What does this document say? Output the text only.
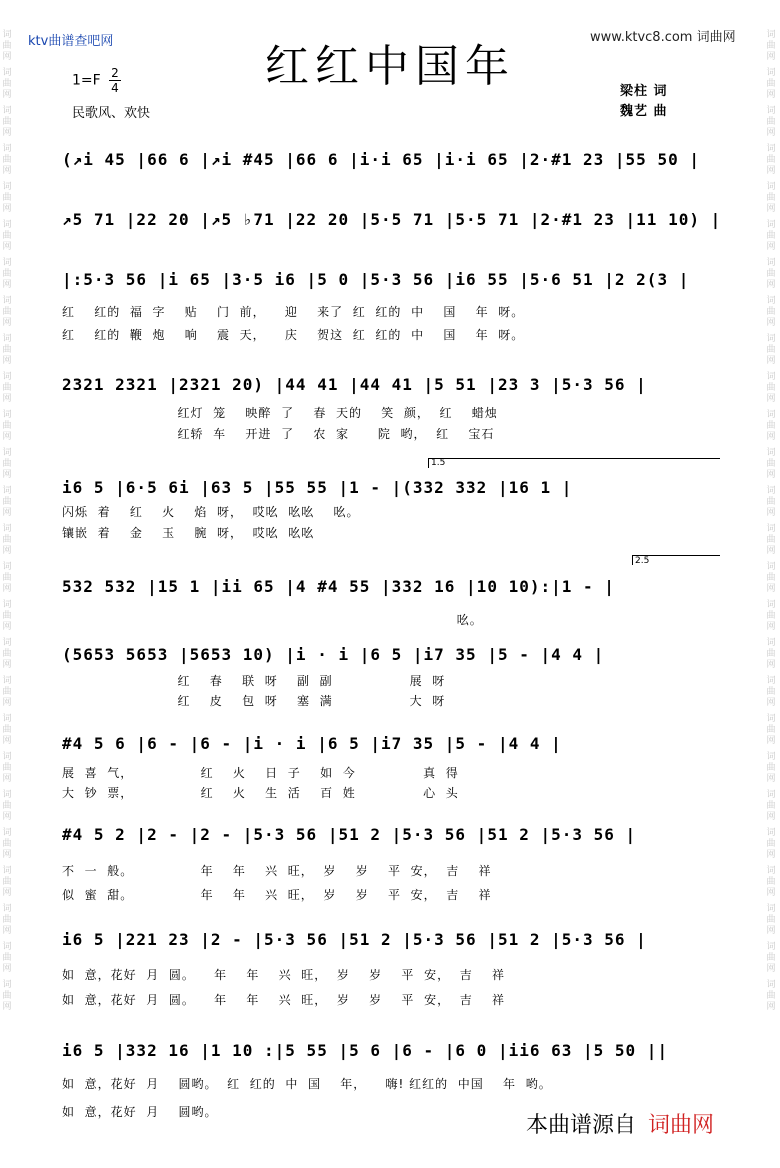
词
曲
网
词
曲
网
词
曲
网
词
曲
网
词
曲
网
词
曲
网
词
曲
网
词
曲
网
词
曲
网
词
曲
网
词
曲
网
词
曲
网
词
曲
网
词
曲
网
词
曲
网
词
曲
网
词
曲
网
词
曲
网
词
曲
网
词
曲
网
词
曲
网
词
曲
网
词
曲
网
词
曲
网
词
曲
网
词
曲
网
词
曲
网
词
曲
网
词
曲
网
词
曲
网
词
曲
网
词
曲
网
词
曲
网
词
曲
网
词
曲
网
词
曲
网
词
曲
网
词
曲
网
词
曲
网
词
曲
网
词
曲
网
词
曲
网
词
曲
网
词
曲
网
词
曲
网
词
曲
网
词
曲
网
词
曲
网
词
曲
网
词
曲
网
词
曲
网
词
曲
网
ktv曲谱查吧网	www.ktvc8.com 词曲网
红红中国年
$1=F \frac{2}{4}$
民歌风、欢快
梁柱 词
魏艺 曲
(↗i 45 |66 6 |↗i #45 |66 6 |i·i 65 |i·i 65 |2·#1 23 |55 50 |
↗5 71 |22 20 |↗5 ♭71 |22 20 |5·5 71 |5·5 71 |2·#1 23 |11 10) |
|:5·3 56 |i 65 |3·5 i6 |5 0 |5·3 56 |i6 55 |5·6 51 |2 2(3 |
红    红的  福  字    贴    门  前，    迎    来了  红  红的  中    国    年  呀。
红    红的  鞭  炮    响    震  天，    庆    贺这  红  红的  中    国    年  呀。
2321 2321 |2321 20) |44 41 |44 41 |5 51 |23 3 |5·3 56 |
红灯  笼    映醉  了    春  天的    笑  颜，  红    蜡烛
红轿  车    开进  了    农  家      院  哟，  红    宝石
1.5
i6 5 |6·5 6i |63 5 |55 55 |1 - |(332 332 |16 1 |
闪烁  着    红    火    焰  呀，  哎吆  吆吆    吆。
镶嵌  着    金    玉    腕  呀，  哎吆  吆吆
2.5
532 532 |15 1 |ii 65 |4 #4 55 |332 16 |10 10):|1 - |
吆。
(5653 5653 |5653 10) |i · i |6 5 |i7 35 |5 - |4 4 |
红    春    联  呀    副  副                展  呀
红    皮    包  呀    塞  满                大  呀
#4 5 6 |6 - |6 - |i · i |6 5 |i7 35 |5 - |4 4 |
展  喜  气，              红    火    日  子    如  今              真  得
大  钞  票，              红    火    生  活    百  姓              心  头
#4 5 2 |2 - |2 - |5·3 56 |51 2 |5·3 56 |51 2 |5·3 56 |
不  一  般。              年    年    兴  旺，  岁    岁    平  安，  吉    祥
似  蜜  甜。              年    年    兴  旺，  岁    岁    平  安，  吉    祥
i6 5 |221 23 |2 - |5·3 56 |51 2 |5·3 56 |51 2 |5·3 56 |
如  意，花好  月  圆。    年    年    兴  旺，  岁    岁    平  安，  吉    祥
如  意，花好  月  圆。    年    年    兴  旺，  岁    岁    平  安，  吉    祥
i6 5 |332 16 |1 10 :|5 55 |5 6 |6 - |6 0 |ii6 63 |5 50 ||
如  意，花好  月    圆哟。  红  红的  中  国    年，    嗨! 红红的  中国    年  哟。
如  意，花好  月    圆哟。
本曲谱源自 词曲网
